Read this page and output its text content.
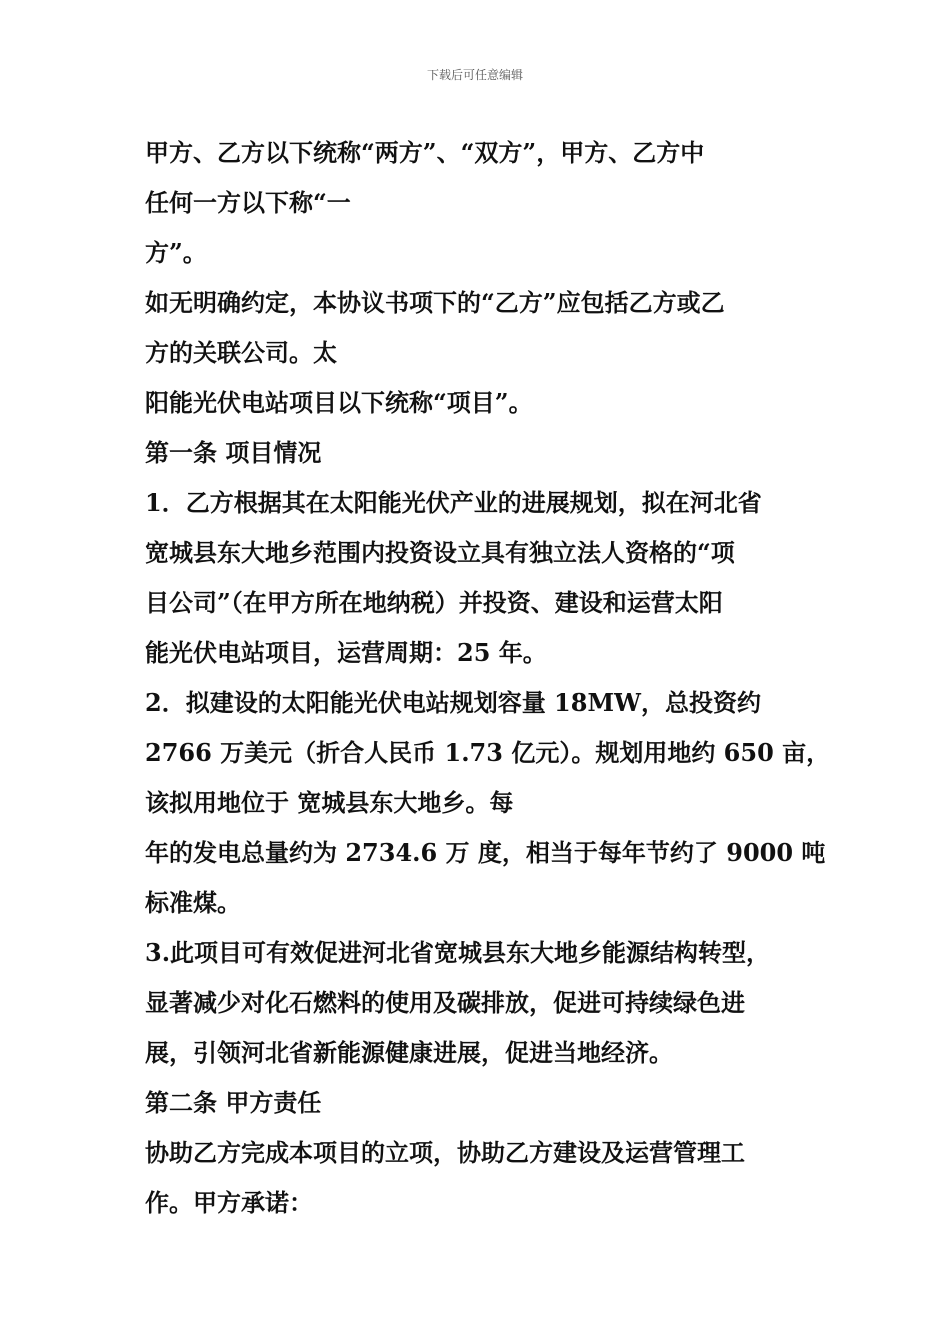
下载后可任意编辑
甲方、乙方以下统称“两方”、“双方”，甲方、乙方中
任何一方以下称“一
方”。
如无明确约定，本协议书项下的“乙方”应包括乙方或乙
方的关联公司。太
阳能光伏电站项目以下统称“项目”。
第一条 项目情况
1．乙方根据其在太阳能光伏产业的进展规划，拟在河北省
宽城县东大地乡范围内投资设立具有独立法人资格的“项
目公司”（在甲方所在地纳税）并投资、建设和运营太阳
能光伏电站项目，运营周期：25 年。
2．拟建设的太阳能光伏电站规划容量 18MW，总投资约
2766 万美元（折合人民币 1.73 亿元）。规划用地约 650 亩，
该拟用地位于 宽城县东大地乡。每
年的发电总量约为 2734.6 万 度，相当于每年节约了 9000 吨
标准煤。
3.此项目可有效促进河北省宽城县东大地乡能源结构转型，
显著减少对化石燃料的使用及碳排放，促进可持续绿色进
展，引领河北省新能源健康进展，促进当地经济。
第二条 甲方责任
协助乙方完成本项目的立项，协助乙方建设及运营管理工
作。甲方承诺：
